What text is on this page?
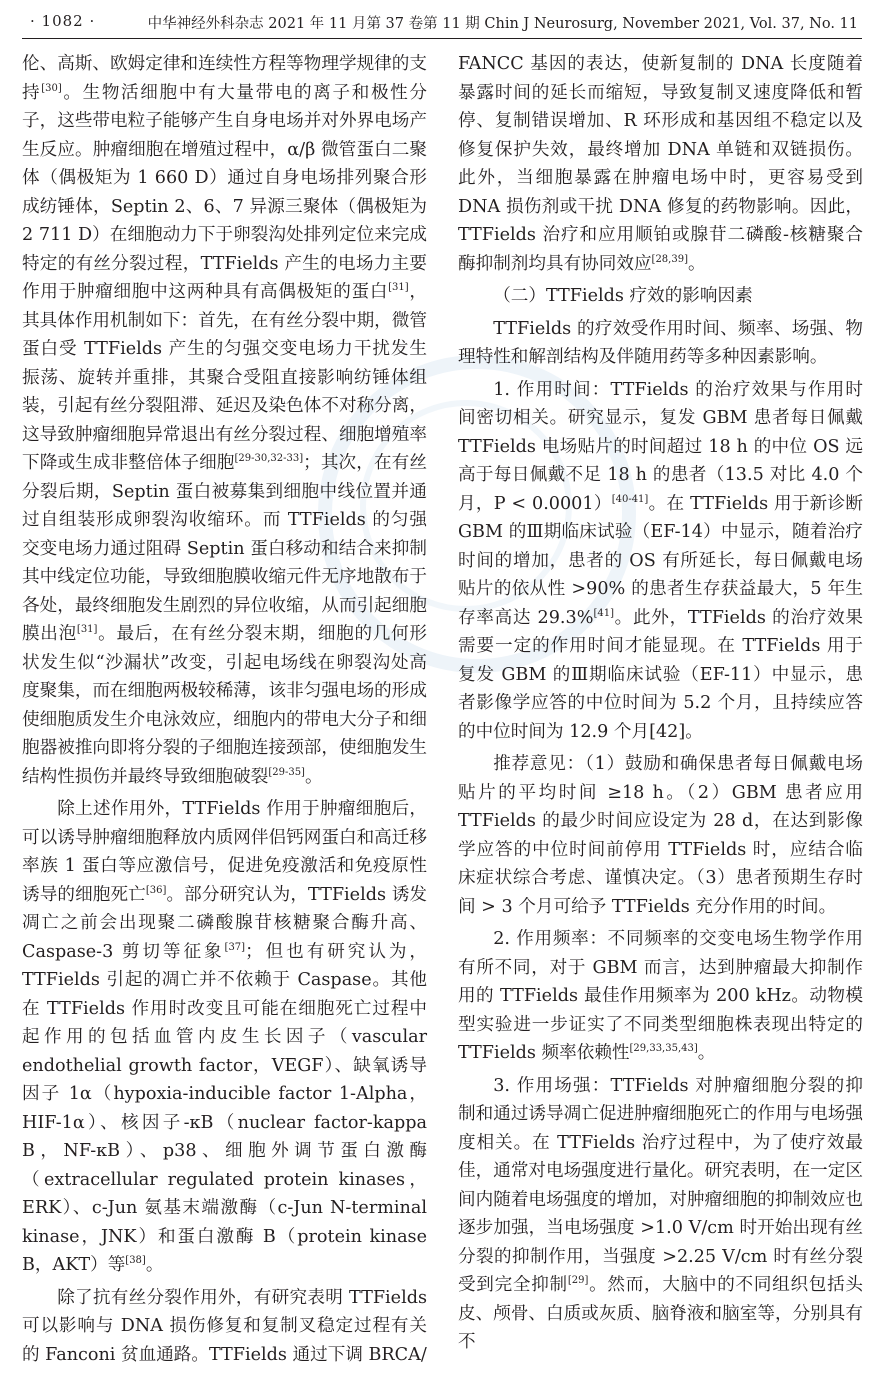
· 1082 ·	中华神经外科杂志 2021 年 11 月第 37 卷第 11 期 Chin J Neurosurg, November 2021, Vol. 37, No. 11

伦、高斯、欧姆定律和连续性方程等物理学规律的支持[30]。生物活细胞中有大量带电的离子和极性分子，这些带电粒子能够产生自身电场并对外界电场产生反应。肿瘤细胞在增殖过程中，α/β 微管蛋白二聚体（偶极矩为 1 660 D）通过自身电场排列聚合形成纺锤体，Septin 2、6、7 异源三聚体（偶极矩为 2 711 D）在细胞动力下于卵裂沟处排列定位来完成特定的有丝分裂过程，TTFields 产生的电场力主要作用于肿瘤细胞中这两种具有高偶极矩的蛋白[31]，其具体作用机制如下：首先，在有丝分裂中期，微管蛋白受 TTFields 产生的匀强交变电场力干扰发生振荡、旋转并重排，其聚合受阻直接影响纺锤体组装，引起有丝分裂阻滞、延迟及染色体不对称分离，这导致肿瘤细胞异常退出有丝分裂过程、细胞增殖率下降或生成非整倍体子细胞[29-30,32-33]；其次，在有丝分裂后期，Septin 蛋白被募集到细胞中线位置并通过自组装形成卵裂沟收缩环。而 TTFields 的匀强交变电场力通过阻碍 Septin 蛋白移动和结合来抑制其中线定位功能，导致细胞膜收缩元件无序地散布于各处，最终细胞发生剧烈的异位收缩，从而引起细胞膜出泡[31]。最后，在有丝分裂末期，细胞的几何形状发生似“沙漏状”改变，引起电场线在卵裂沟处高度聚集，而在细胞两极较稀薄，该非匀强电场的形成使细胞质发生介电泳效应，细胞内的带电大分子和细胞器被推向即将分裂的子细胞连接颈部，使细胞发生结构性损伤并最终导致细胞破裂[29-35]。

除上述作用外，TTFields 作用于肿瘤细胞后，可以诱导肿瘤细胞释放内质网伴侣钙网蛋白和高迁移率族 1 蛋白等应激信号，促进免疫激活和免疫原性诱导的细胞死亡[36]。部分研究认为，TTFields 诱发凋亡之前会出现聚二磷酸腺苷核糖聚合酶升高、Caspase-3 剪切等征象[37]；但也有研究认为，TTFields 引起的凋亡并不依赖于 Caspase。其他在 TTFields 作用时改变且可能在细胞死亡过程中起作用的包括血管内皮生长因子（vascular endothelial growth factor，VEGF）、缺氧诱导因子 1α（hypoxia-inducible factor 1-Alpha，HIF-1α）、核因子-κB（nuclear factor-kappa B，NF-κB）、p38、细胞外调节蛋白激酶（extracellular regulated protein kinases，ERK）、c-Jun 氨基末端激酶（c-Jun N-terminal kinase，JNK）和蛋白激酶 B（protein kinase B，AKT）等[38]。

除了抗有丝分裂作用外，有研究表明 TTFields 可以影响与 DNA 损伤修复和复制叉稳定过程有关的 Fanconi 贫血通路。TTFields 通过下调 BRCA/

FANCC 基因的表达，使新复制的 DNA 长度随着暴露时间的延长而缩短，导致复制叉速度降低和暂停、复制错误增加、R 环形成和基因组不稳定以及修复保护失效，最终增加 DNA 单链和双链损伤。此外，当细胞暴露在肿瘤电场中时，更容易受到 DNA 损伤剂或干扰 DNA 修复的药物影响。因此，TTFields 治疗和应用顺铂或腺苷二磷酸-核糖聚合酶抑制剂均具有协同效应[28,39]。

（二）TTFields 疗效的影响因素

TTFields 的疗效受作用时间、频率、场强、物理特性和解剖结构及伴随用药等多种因素影响。

1. 作用时间：TTFields 的治疗效果与作用时间密切相关。研究显示，复发 GBM 患者每日佩戴 TTFields 电场贴片的时间超过 18 h 的中位 OS 远高于每日佩戴不足 18 h 的患者（13.5 对比 4.0 个月，P < 0.0001）[40-41]。在 TTFields 用于新诊断 GBM 的Ⅲ期临床试验（EF-14）中显示，随着治疗时间的增加，患者的 OS 有所延长，每日佩戴电场贴片的依从性 >90% 的患者生存获益最大，5 年生存率高达 29.3%[41]。此外，TTFields 的治疗效果需要一定的作用时间才能显现。在 TTFields 用于复发 GBM 的Ⅲ期临床试验（EF-11）中显示，患者影像学应答的中位时间为 5.2 个月，且持续应答的中位时间为 12.9 个月[42]。

推荐意见：（1）鼓励和确保患者每日佩戴电场贴片的平均时间 ≥18 h。（2）GBM 患者应用 TTFields 的最少时间应设定为 28 d，在达到影像学应答的中位时间前停用 TTFields 时，应结合临床症状综合考虑、谨慎决定。（3）患者预期生存时间 > 3 个月可给予 TTFields 充分作用的时间。

2. 作用频率：不同频率的交变电场生物学作用有所不同，对于 GBM 而言，达到肿瘤最大抑制作用的 TTFields 最佳作用频率为 200 kHz。动物模型实验进一步证实了不同类型细胞株表现出特定的 TTFields 频率依赖性[29,33,35,43]。

3. 作用场强：TTFields 对肿瘤细胞分裂的抑制和通过诱导凋亡促进肿瘤细胞死亡的作用与电场强度相关。在 TTFields 治疗过程中，为了使疗效最佳，通常对电场强度进行量化。研究表明，在一定区间内随着电场强度的增加，对肿瘤细胞的抑制效应也逐步加强，当电场强度 >1.0 V/cm 时开始出现有丝分裂的抑制作用，当强度 >2.25 V/cm 时有丝分裂受到完全抑制[29]。然而，大脑中的不同组织包括头皮、颅骨、白质或灰质、脑脊液和脑室等，分别具有不
